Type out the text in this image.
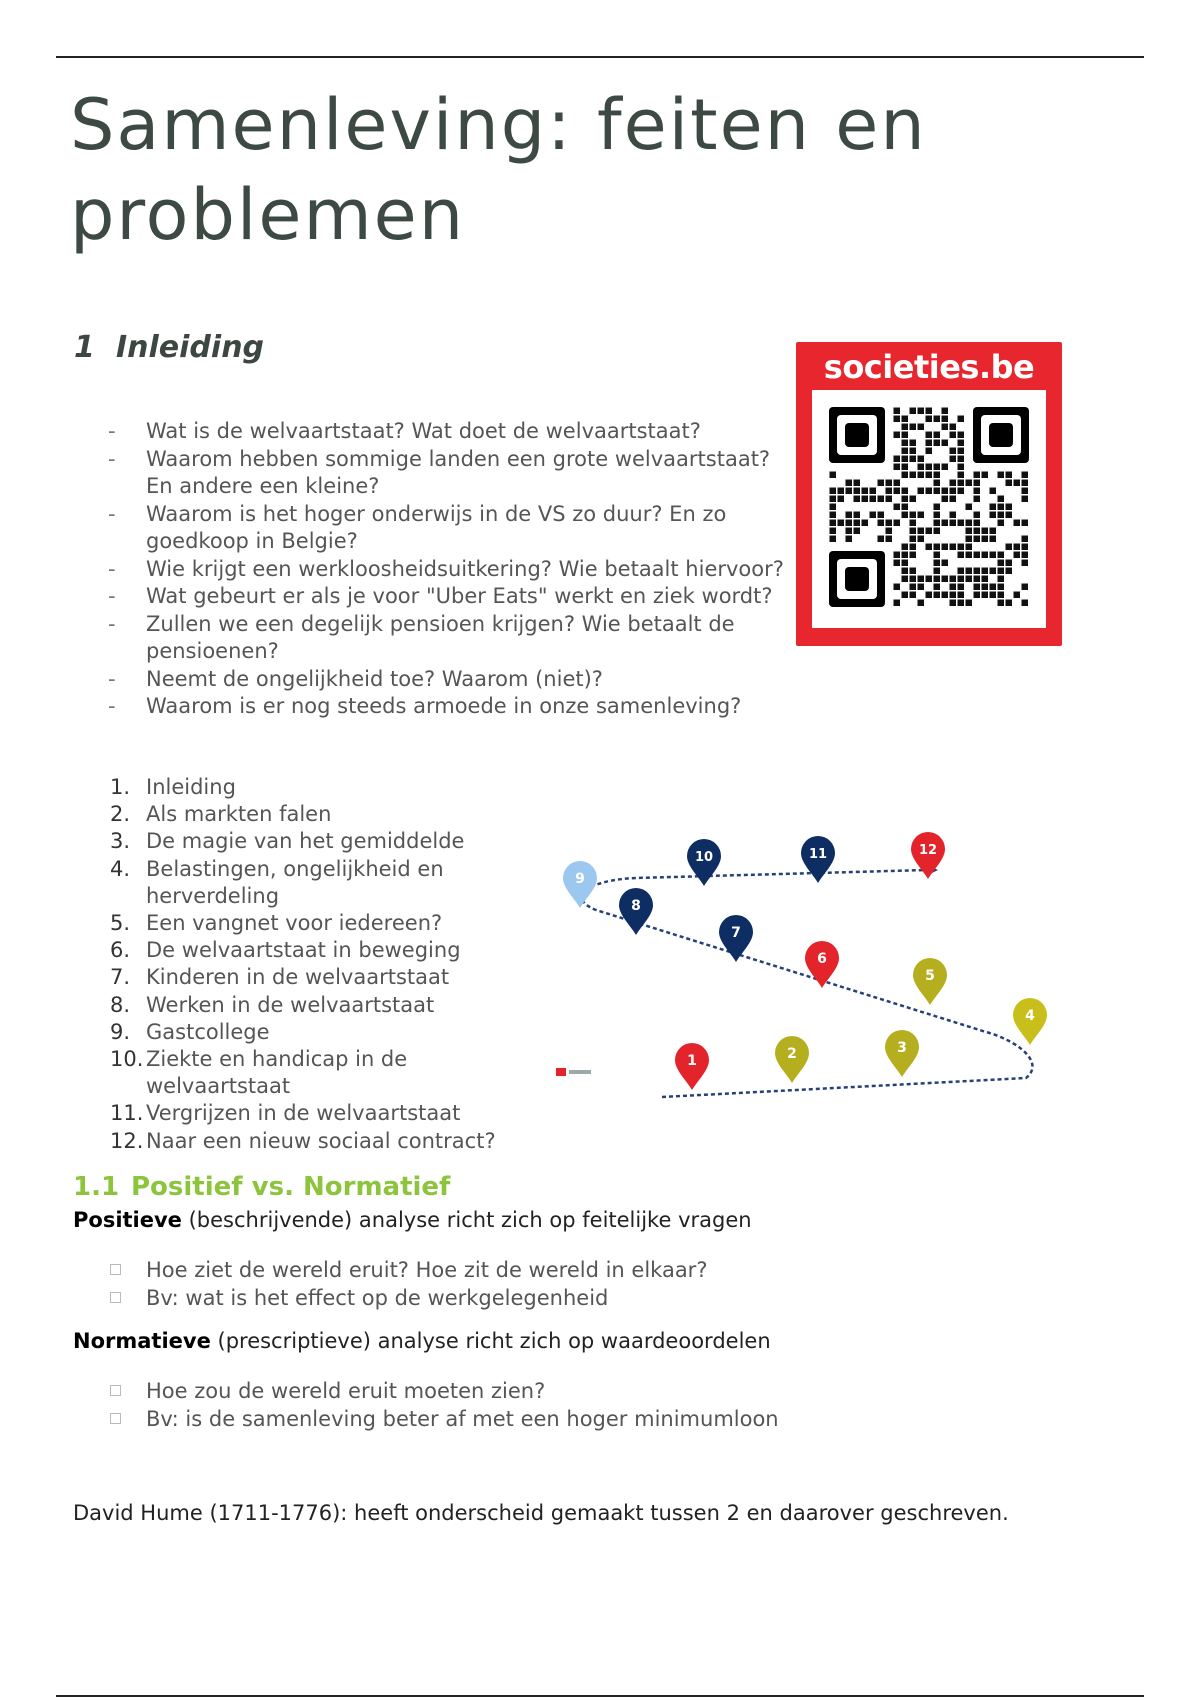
Samenleving: feiten en problemen
1 Inleiding
societies.be
- Wat is de welvaartstaat? Wat doet de welvaartstaat?
- Waarom hebben sommige landen een grote welvaartstaat? En andere een kleine?
- Waarom is het hoger onderwijs in de VS zo duur? En zo goedkoop in Belgie?
- Wie krijgt een werkloosheidsuitkering? Wie betaalt hiervoor?
- Wat gebeurt er als je voor "Uber Eats" werkt en ziek wordt?
- Zullen we een degelijk pensioen krijgen? Wie betaalt de pensioenen?
- Neemt de ongelijkheid toe? Waarom (niet)?
- Waarom is er nog steeds armoede in onze samenleving?
1. Inleiding
2. Als markten falen
3. De magie van het gemiddelde
4. Belastingen, ongelijkheid en herverdeling
5. Een vangnet voor iedereen?
6. De welvaartstaat in beweging
7. Kinderen in de welvaartstaat
8. Werken in de welvaartstaat
9. Gastcollege
10. Ziekte en handicap in de welvaartstaat
11. Vergrijzen in de welvaartstaat
12. Naar een nieuw sociaal contract?
1	2	3
4
5
6
7
8
9
10	11	12
1.1 Positief vs. Normatief

Positieve (beschrijvende) analyse richt zich op feitelijke vragen

Hoe ziet de wereld eruit? Hoe zit de wereld in elkaar?
Bv: wat is het effect op de werkgelegenheid

Normatieve (prescriptieve) analyse richt zich op waardeoordelen

Hoe zou de wereld eruit moeten zien?
Bv: is de samenleving beter af met een hoger minimumloon

David Hume (1711-1776): heeft onderscheid gemaakt tussen 2 en daarover geschreven.
